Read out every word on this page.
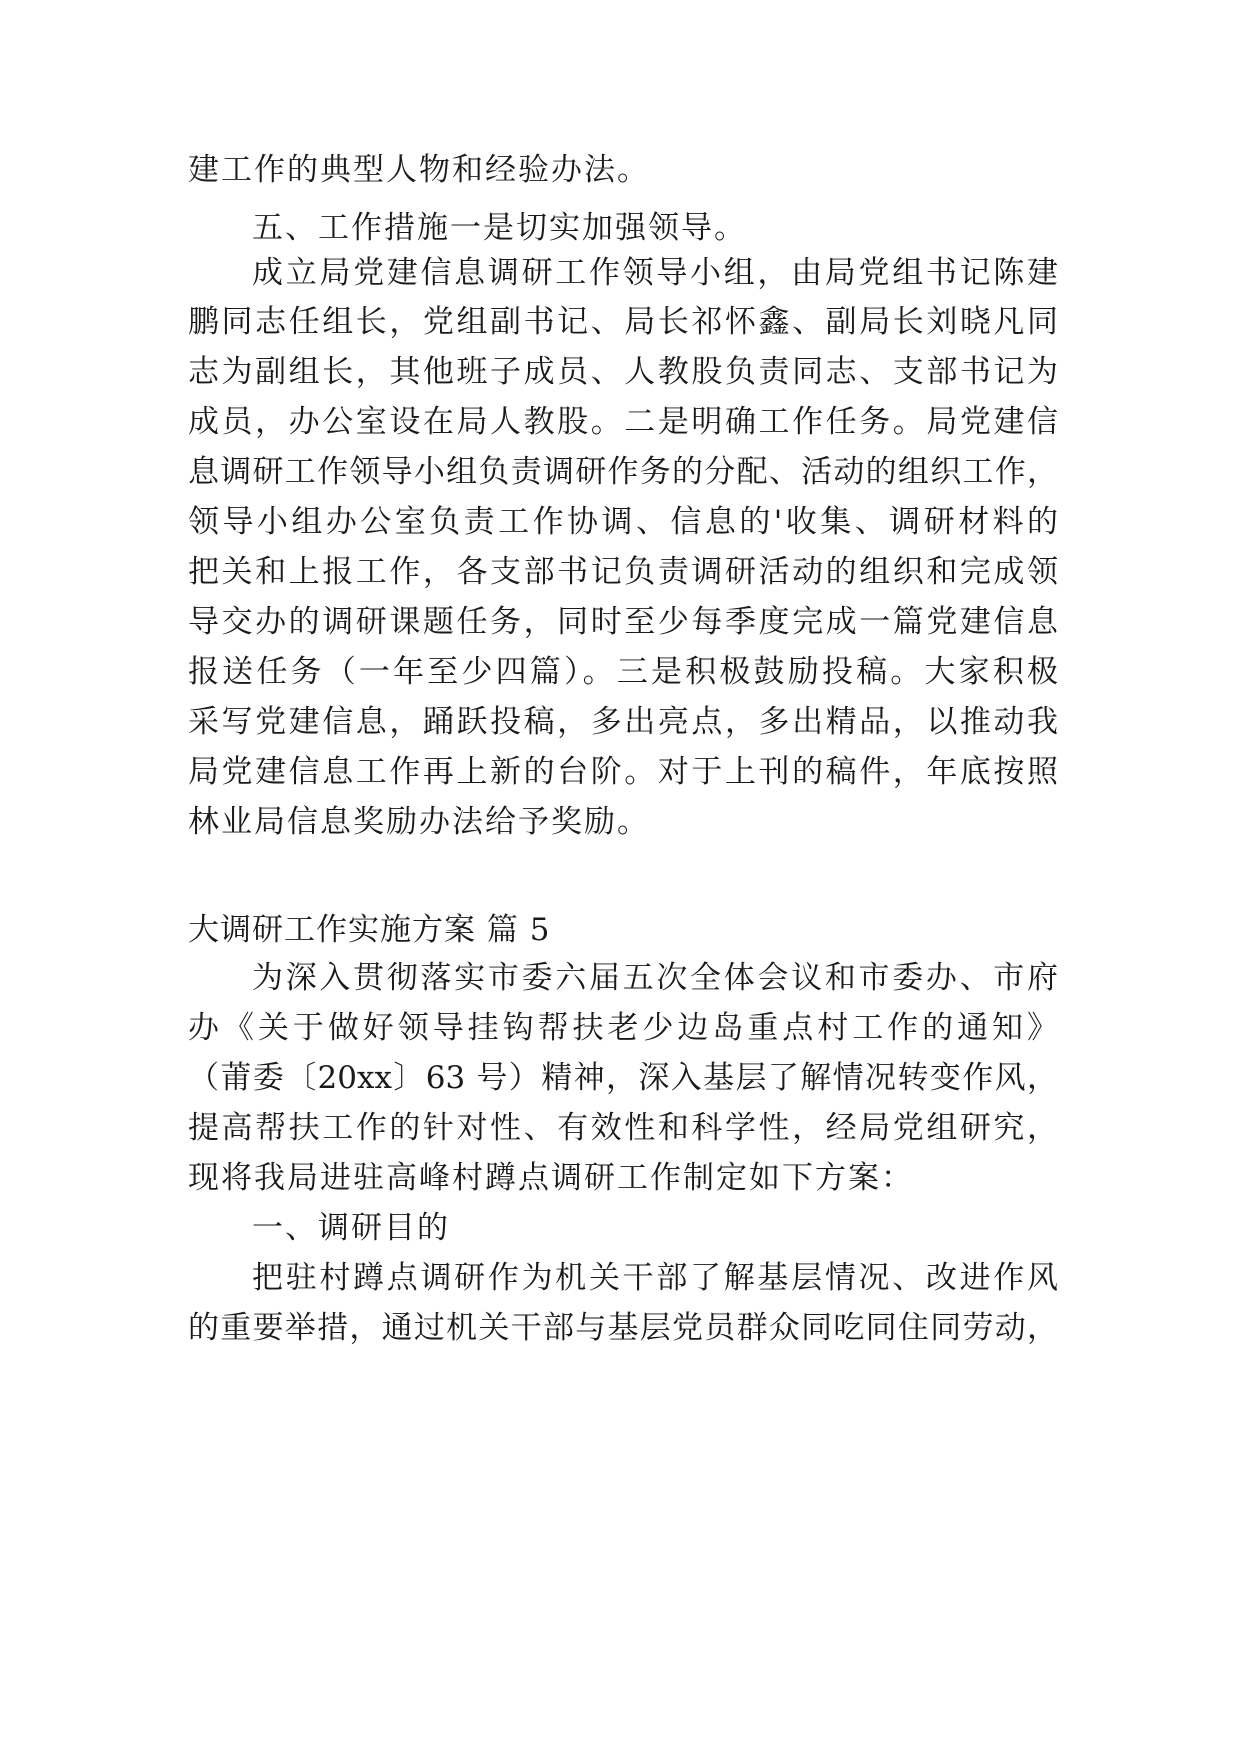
建工作的典型人物和经验办法。
五、工作措施一是切实加强领导。
成立局党建信息调研工作领导小组，由局党组书记陈建
鹏同志任组长，党组副书记、局长祁怀鑫、副局长刘晓凡同
志为副组长，其他班子成员、人教股负责同志、支部书记为
成员，办公室设在局人教股。二是明确工作任务。局党建信
息调研工作领导小组负责调研作务的分配、活动的组织工作，
领导小组办公室负责工作协调、信息的'收集、调研材料的
把关和上报工作，各支部书记负责调研活动的组织和完成领
导交办的调研课题任务，同时至少每季度完成一篇党建信息
报送任务（一年至少四篇）。三是积极鼓励投稿。大家积极
采写党建信息，踊跃投稿，多出亮点，多出精品，以推动我
局党建信息工作再上新的台阶。对于上刊的稿件，年底按照
林业局信息奖励办法给予奖励。
大调研工作实施方案 篇 5
为深入贯彻落实市委六届五次全体会议和市委办、市府
办《关于做好领导挂钩帮扶老少边岛重点村工作的通知》
（莆委〔20xx〕63 号）精神，深入基层了解情况转变作风，
提高帮扶工作的针对性、有效性和科学性，经局党组研究，
现将我局进驻高峰村蹲点调研工作制定如下方案：
一、调研目的
把驻村蹲点调研作为机关干部了解基层情况、改进作风
的重要举措，通过机关干部与基层党员群众同吃同住同劳动，
